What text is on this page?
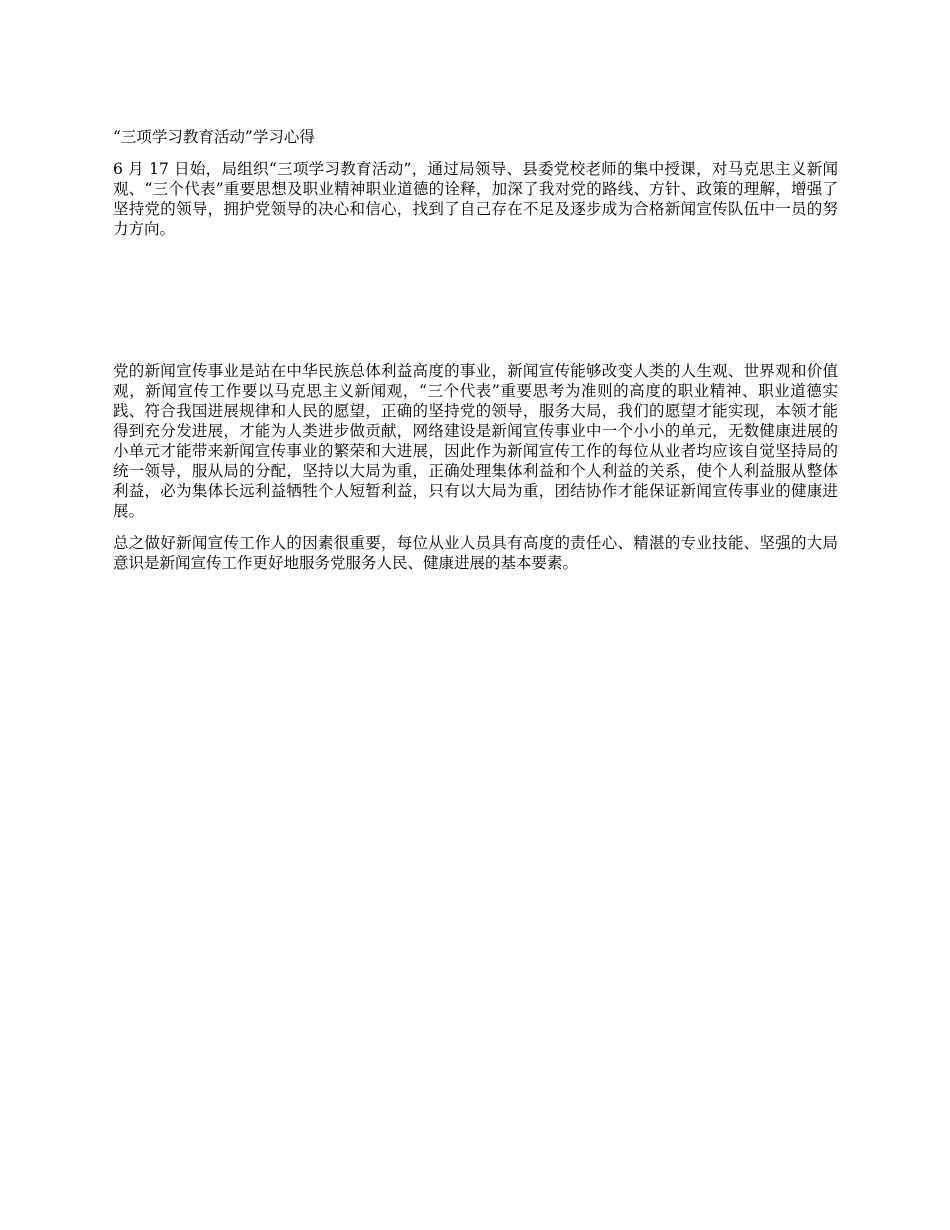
“三项学习教育活动”学习心得

6 月 17 日始，局组织“三项学习教育活动”，通过局领导、县委党校老师的集中授课，对马克思主义新闻观、“三个代表”重要思想及职业精神职业道德的诠释，加深了我对党的路线、方针、政策的理解，增强了坚持党的领导，拥护党领导的决心和信心，找到了自己存在不足及逐步成为合格新闻宣传队伍中一员的努力方向。

党的新闻宣传事业是站在中华民族总体利益高度的事业，新闻宣传能够改变人类的人生观、世界观和价值观，新闻宣传工作要以马克思主义新闻观，“三个代表”重要思考为准则的高度的职业精神、职业道德实践、符合我国进展规律和人民的愿望，正确的坚持党的领导，服务大局，我们的愿望才能实现，本领才能得到充分发进展，才能为人类进步做贡献，网络建设是新闻宣传事业中一个小小的单元，无数健康进展的小单元才能带来新闻宣传事业的繁荣和大进展，因此作为新闻宣传工作的每位从业者均应该自觉坚持局的统一领导，服从局的分配，坚持以大局为重，正确处理集体利益和个人利益的关系，使个人利益服从整体利益，必为集体长远利益牺牲个人短暂利益，只有以大局为重，团结协作才能保证新闻宣传事业的健康进展。

总之做好新闻宣传工作人的因素很重要，每位从业人员具有高度的责任心、精湛的专业技能、坚强的大局意识是新闻宣传工作更好地服务党服务人民、健康进展的基本要素。
